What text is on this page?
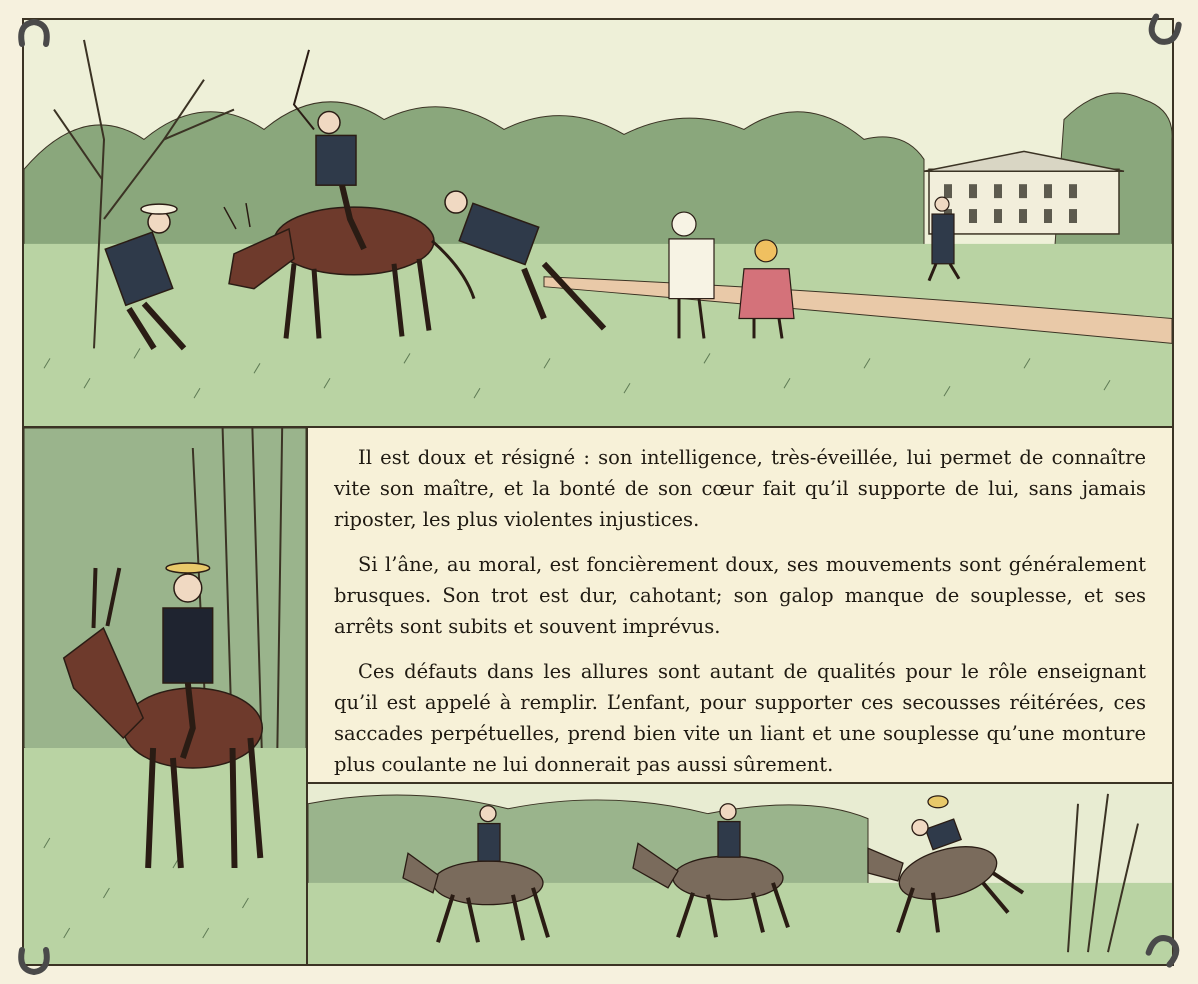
Il est doux et résigné : son intelligence, très-éveillée, lui permet de connaître vite son maître, et la bonté de son cœur fait qu’il supporte de lui, sans jamais riposter, les plus violentes injustices.

Si l’âne, au moral, est foncièrement doux, ses mouvements sont généralement brusques. Son trot est dur, cahotant; son galop manque de souplesse, et ses arrêts sont subits et souvent imprévus.

Ces défauts dans les allures sont autant de qualités pour le rôle enseignant qu’il est appelé à remplir. L’enfant, pour supporter ces secousses réitérées, ces saccades perpétuelles, prend bien vite un liant et une souplesse qu’une monture plus coulante ne lui donnerait pas aussi sûrement.
